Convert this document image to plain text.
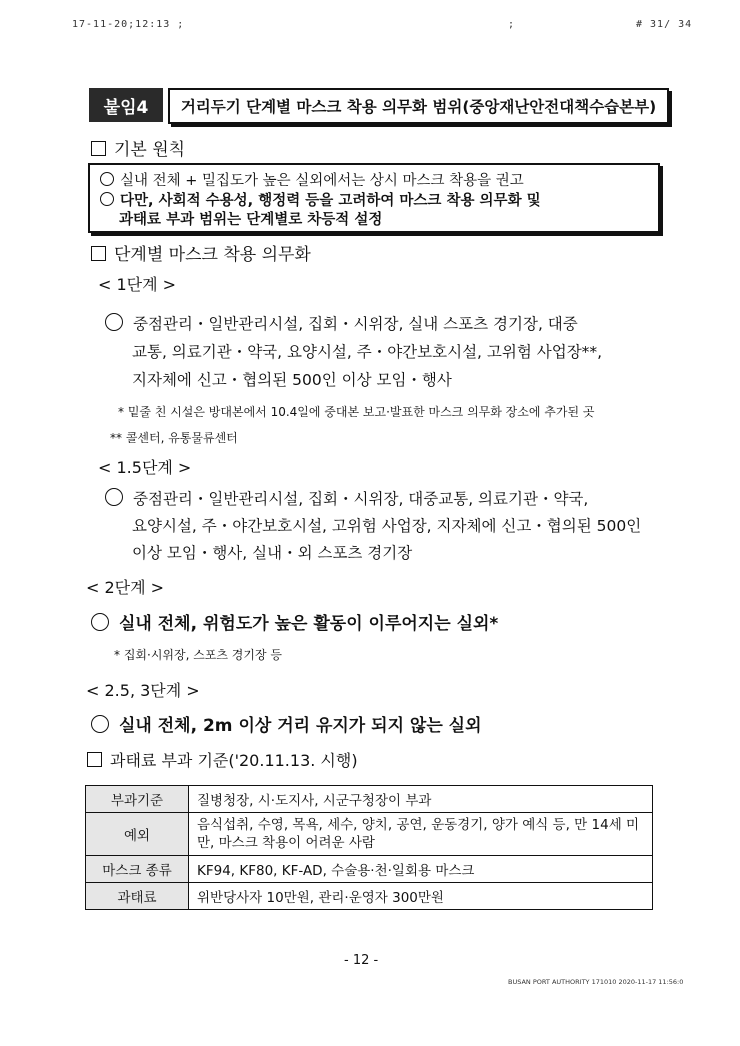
17-11-20;12:13 ;	;	# 31/ 34
붙임4	거리두기 단계별 마스크 착용 의무화 범위(중앙재난안전대책수습본부)
기본 원칙
실내 전체 + 밀집도가 높은 실외에서는 상시 마스크 착용을 권고
다만, 사회적 수용성, 행정력 등을 고려하여 마스크 착용 의무화 및
과태료 부과 범위는 단계별로 차등적 설정
단계별 마스크 착용 의무화
< 1단계 >
중점관리・일반관리시설, 집회・시위장, 실내 스포츠 경기장, 대중
교통, 의료기관・약국, 요양시설, 주・야간보호시설, 고위험 사업장**,
지자체에 신고・협의된 500인 이상 모임・행사
* 밑줄 친 시설은 방대본에서 10.4일에 중대본 보고·발표한 마스크 의무화 장소에 추가된 곳
** 콜센터, 유통물류센터
< 1.5단계 >
중점관리・일반관리시설, 집회・시위장, 대중교통, 의료기관・약국,
요양시설, 주・야간보호시설, 고위험 사업장, 지자체에 신고・협의된 500인
이상 모임・행사, 실내・외 스포츠 경기장
< 2단계 >
실내 전체, 위험도가 높은 활동이 이루어지는 실외*
* 집회·시위장, 스포츠 경기장 등
< 2.5, 3단계 >
실내 전체, 2m 이상 거리 유지가 되지 않는 실외
과태료 부과 기준('20.11.13. 시행)
부과기준	질병청장, 시·도지사, 시군구청장이 부과
예외	음식섭취, 수영, 목욕, 세수, 양치, 공연, 운동경기, 양가 예식 등, 만 14세 미만, 마스크 착용이 어려운 사람
마스크 종류	KF94, KF80, KF-AD, 수술용·천·일회용 마스크
과태료	위반당사자 10만원, 관리·운영자 300만원
- 12 -
BUSAN PORT AUTHORITY 171010 2020-11-17 11:56:0
